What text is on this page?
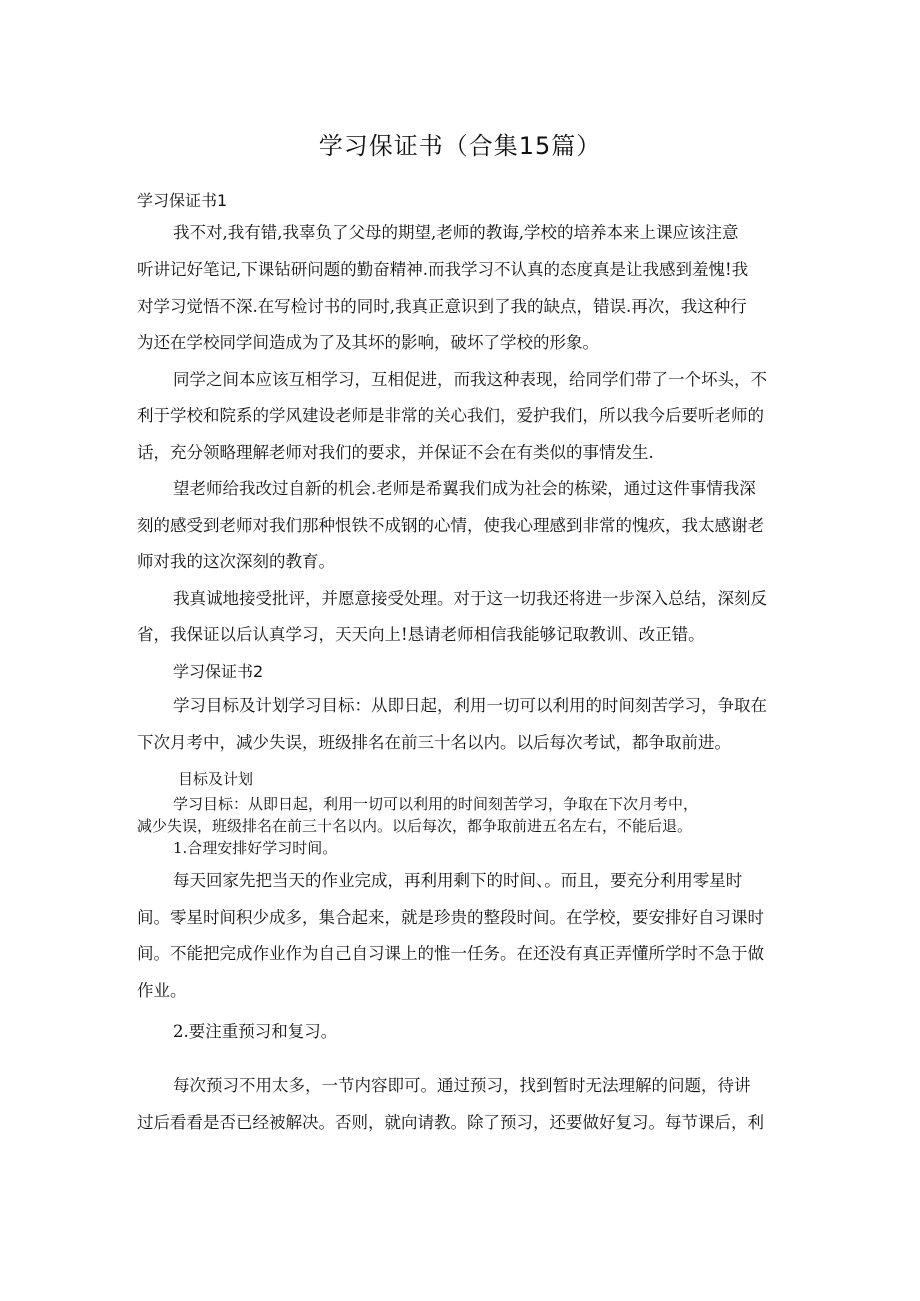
学习保证书（合集15篇）
学习保证书1
我不对,我有错,我辜负了父母的期望,老师的教诲,学校的培养本来上课应该注意
听讲记好笔记,下课钻研问题的勤奋精神.而我学习不认真的态度真是让我感到羞愧!我
对学习觉悟不深.在写检讨书的同时,我真正意识到了我的缺点，错误.再次，我这种行
为还在学校同学间造成为了及其坏的影响，破坏了学校的形象。
同学之间本应该互相学习，互相促进，而我这种表现，给同学们带了一个坏头，不
利于学校和院系的学风建设老师是非常的关心我们，爱护我们，所以我今后要听老师的
话，充分领略理解老师对我们的要求，并保证不会在有类似的事情发生.
望老师给我改过自新的机会.老师是希翼我们成为社会的栋梁，通过这件事情我深
刻的感受到老师对我们那种恨铁不成钢的心情，使我心理感到非常的愧疚，我太感谢老
师对我的这次深刻的教育。
我真诚地接受批评，并愿意接受处理。对于这一切我还将进一步深入总结，深刻反
省，我保证以后认真学习，天天向上!恳请老师相信我能够记取教训、改正错。
学习保证书2
学习目标及计划学习目标：从即日起，利用一切可以利用的时间刻苦学习，争取在
下次月考中，减少失误，班级排名在前三十名以内。以后每次考试，都争取前进。
目标及计划
学习目标：从即日起，利用一切可以利用的时间刻苦学习，争取在下次月考中，
减少失误，班级排名在前三十名以内。以后每次，都争取前进五名左右，不能后退。
1.合理安排好学习时间。
每天回家先把当天的作业完成，再利用剩下的时间、。而且，要充分利用零星时
间。零星时间积少成多，集合起来，就是珍贵的整段时间。在学校，要安排好自习课时
间。不能把完成作业作为自己自习课上的惟一任务。在还没有真正弄懂所学时不急于做
作业。
2.要注重预习和复习。
每次预习不用太多，一节内容即可。通过预习，找到暂时无法理解的问题，待讲
过后看看是否已经被解决。否则，就向请教。除了预习，还要做好复习。每节课后，利
